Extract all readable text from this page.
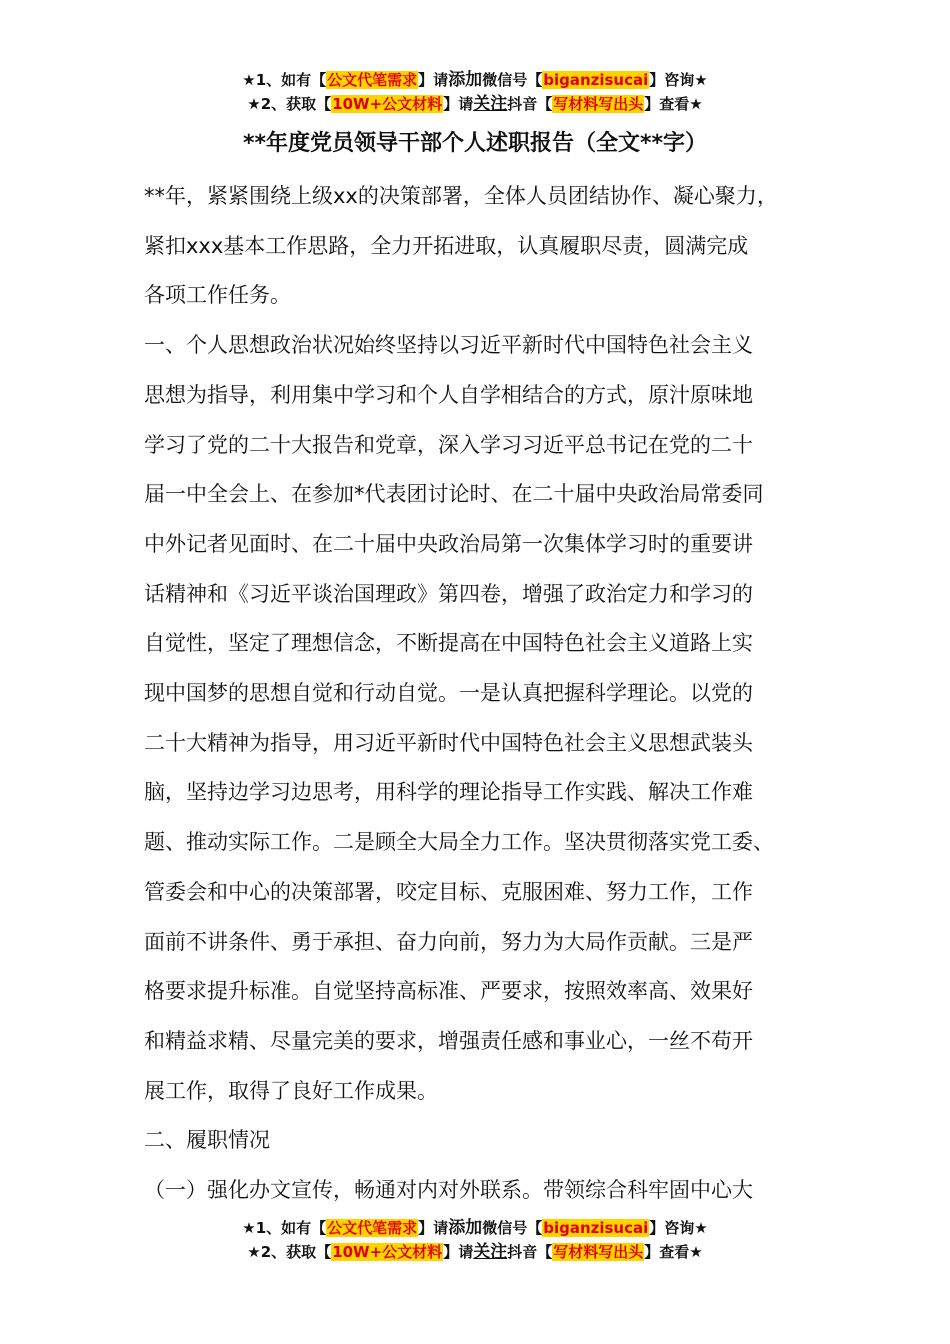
★1、如有【公文代笔需求】请添加微信号【biganzisucai】咨询★
★2、获取【10W+公文材料】请关注抖音【写材料写出头】查看★
**年度党员领导干部个人述职报告（全文**字）

**年，紧紧围绕上级xx的决策部署，全体人员团结协作、凝心聚力，

紧扣xxx基本工作思路，全力开拓进取，认真履职尽责，圆满完成

各项工作任务。

一、个人思想政治状况始终坚持以习近平新时代中国特色社会主义

思想为指导，利用集中学习和个人自学相结合的方式，原汁原味地

学习了党的二十大报告和党章，深入学习习近平总书记在党的二十

届一中全会上、在参加*代表团讨论时、在二十届中央政治局常委同

中外记者见面时、在二十届中央政治局第一次集体学习时的重要讲

话精神和《习近平谈治国理政》第四卷，增强了政治定力和学习的

自觉性，坚定了理想信念，不断提高在中国特色社会主义道路上实

现中国梦的思想自觉和行动自觉。一是认真把握科学理论。以党的

二十大精神为指导，用习近平新时代中国特色社会主义思想武装头

脑，坚持边学习边思考，用科学的理论指导工作实践、解决工作难

题、推动实际工作。二是顾全大局全力工作。坚决贯彻落实党工委、

管委会和中心的决策部署，咬定目标、克服困难、努力工作，工作

面前不讲条件、勇于承担、奋力向前，努力为大局作贡献。三是严

格要求提升标准。自觉坚持高标准、严要求，按照效率高、效果好

和精益求精、尽量完美的要求，增强责任感和事业心，一丝不苟开

展工作，取得了良好工作成果。

二、履职情况

（一）强化办文宣传，畅通对内对外联系。带领综合科牢固中心大

★1、如有【公文代笔需求】请添加微信号【biganzisucai】咨询★
★2、获取【10W+公文材料】请关注抖音【写材料写出头】查看★
